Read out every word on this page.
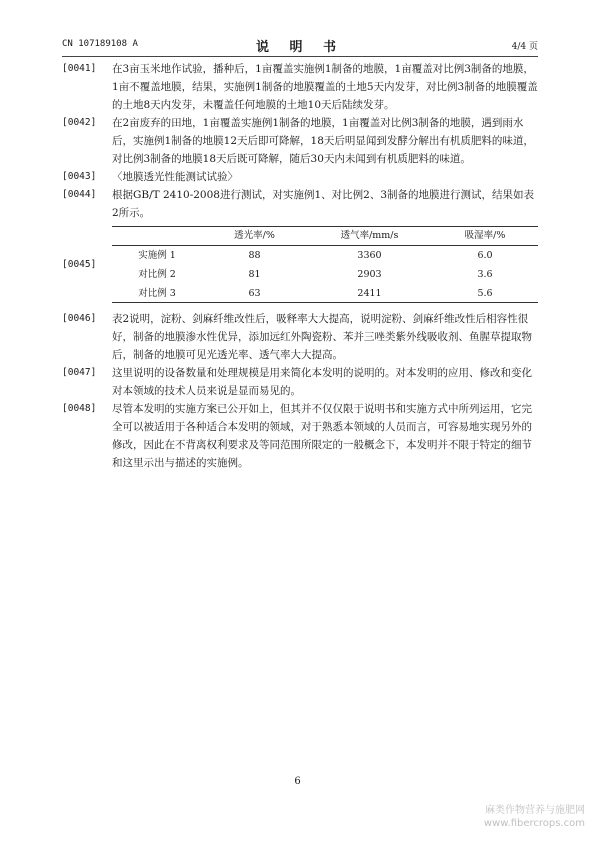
CN 107189108 A	说 明 书	4/4 页
[0041] 在3亩玉米地作试验，播种后，1亩覆盖实施例1制备的地膜，1亩覆盖对比例3制备的地膜，1亩不覆盖地膜，结果，实施例1制备的地膜覆盖的土地5天内发芽，对比例3制备的地膜覆盖的土地8天内发芽，未覆盖任何地膜的土地10天后陆续发芽。
[0042] 在2亩废弃的田地，1亩覆盖实施例1制备的地膜，1亩覆盖对比例3制备的地膜，遇到雨水后，实施例1制备的地膜12天后即可降解，18天后明显闻到发酵分解出有机质肥料的味道，对比例3制备的地膜18天后既可降解，随后30天内未闻到有机质肥料的味道。
[0043] 〈地膜透光性能测试试验〉
[0044] 根据GB/T 2410-2008进行测试，对实施例1、对比例2、3制备的地膜进行测试，结果如表2所示。
[0045]
	透光率/%	透气率/mm/s	吸湿率/%
实施例 1	88	3360	6.0
对比例 2	81	2903	3.6
对比例 3	63	2411	5.6
[0046] 表2说明，淀粉、剑麻纤维改性后，吸释率大大提高，说明淀粉、剑麻纤维改性后相容性很好，制备的地膜渗水性优异，添加远红外陶瓷粉、苯并三唑类紫外线吸收剂、鱼腥草提取物后，制备的地膜可见光透光率、透气率大大提高。
[0047] 这里说明的设备数量和处理规模是用来简化本发明的说明的。对本发明的应用、修改和变化对本领域的技术人员来说是显而易见的。
[0048] 尽管本发明的实施方案已公开如上，但其并不仅仅限于说明书和实施方式中所列运用，它完全可以被适用于各种适合本发明的领域，对于熟悉本领域的人员而言，可容易地实现另外的修改，因此在不背离权利要求及等同范围所限定的一般概念下，本发明并不限于特定的细节和这里示出与描述的实施例。
6
麻类作物营养与施肥网
www.fibercrops.com
